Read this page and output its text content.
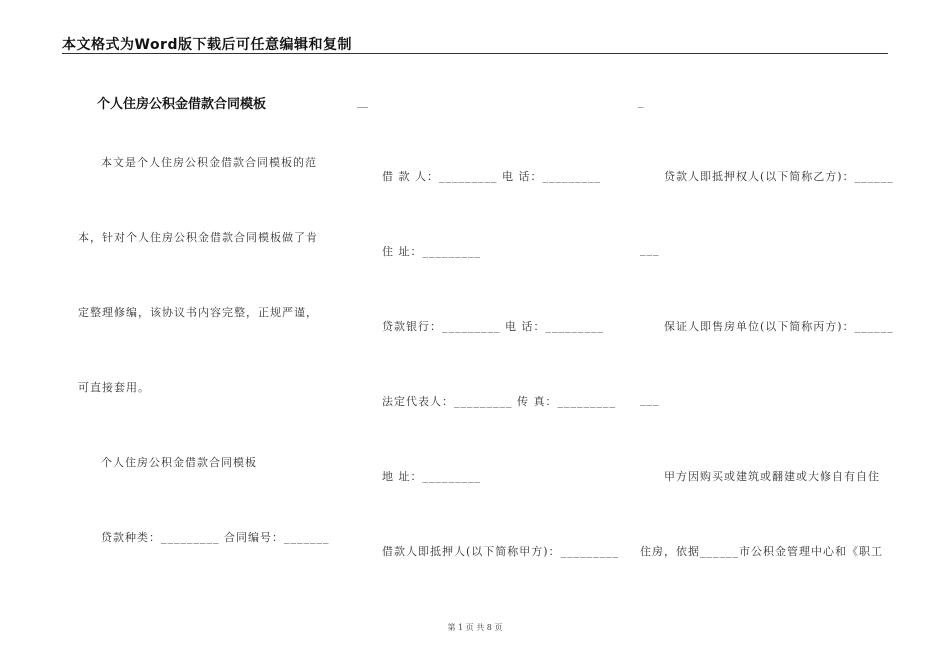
本文格式为Word版下载后可任意编辑和复制
个人住房公积金借款合同模板	__	_
本文是个人住房公积金借款合同模板的范
本，针对个人住房公积金借款合同模板做了肯
定整理修编，该协议书内容完整，正规严谨，
可直接套用。
个人住房公积金借款合同模板
贷款种类：_________ 合同编号：_______
借 款 人：_________ 电 话：_________
住 址：_________
贷款银行：_________ 电 话：_________
法定代表人：_________ 传 真：_________
地 址：_________
借款人即抵押人(以下简称甲方)：_________
贷款人即抵押权人(以下简称乙方)：______
___
保证人即售房单位(以下简称丙方)：______
___
甲方因购买或建筑或翻建或大修自有自住
住房，依据______市公积金管理中心和《职工
第 1 页 共 8 页
